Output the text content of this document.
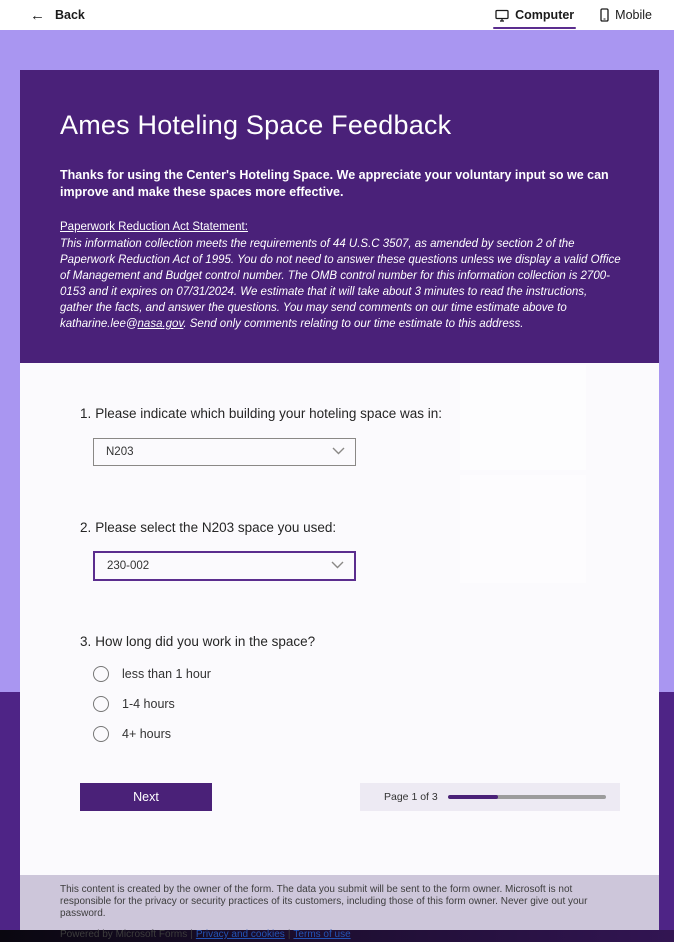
← Back	Computer	Mobile
Ames Hoteling Space Feedback

Thanks for using the Center's Hoteling Space. We appreciate your voluntary input so we can improve and make these spaces more effective.

Paperwork Reduction Act Statement:

This information collection meets the requirements of 44 U.S.C 3507, as amended by section 2 of the Paperwork Reduction Act of 1995. You do not need to answer these questions unless we display a valid Office of Management and Budget control number. The OMB control number for this information collection is 2700-0153 and it expires on 07/31/2024. We estimate that it will take about 3 minutes to read the instructions, gather the facts, and answer the questions. You may send comments on our time estimate above to katharine.lee@nasa.gov. Send only comments relating to our time estimate to this address.

1. Please indicate which building your hoteling space was in:
N203
2. Please select the N203 space you used:
230-002
3. How long did you work in the space?
less than 1 hour
1-4 hours
4+ hours
Next	Page 1 of 3

This content is created by the owner of the form. The data you submit will be sent to the form owner. Microsoft is not responsible for the privacy or security practices of its customers, including those of this form owner. Never give out your password.

Powered by Microsoft Forms | Privacy and cookies | Terms of use
